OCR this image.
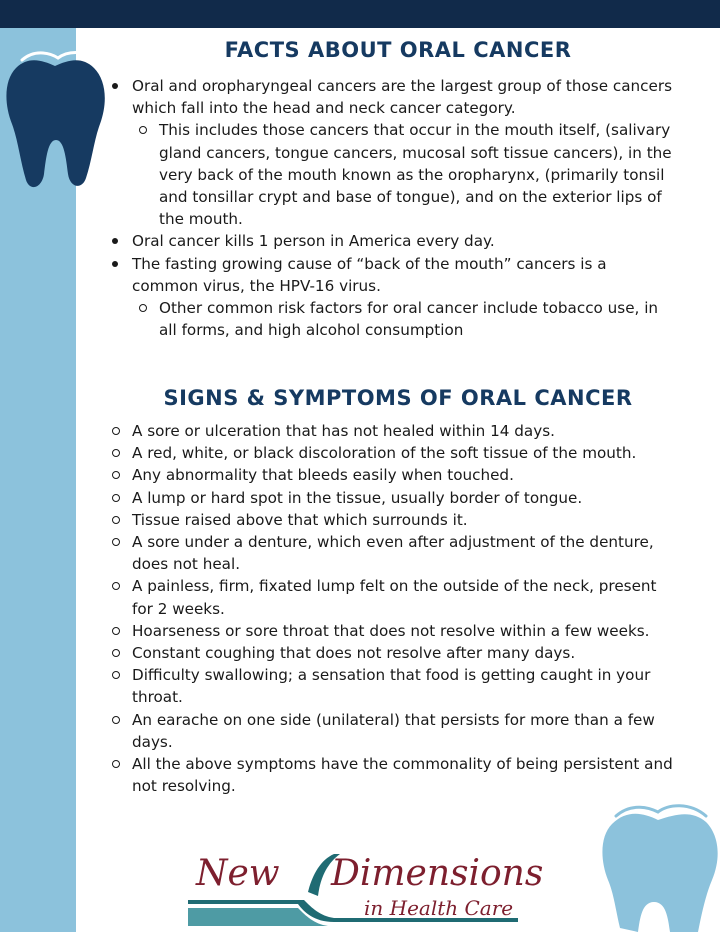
FACTS ABOUT ORAL CANCER
Oral and oropharyngeal cancers are the largest group of those cancers which fall into the head and neck cancer category.
This includes those cancers that occur in the mouth itself, (salivary gland cancers, tongue cancers, mucosal soft tissue cancers), in the very back of the mouth known as the oropharynx, (primarily tonsil and tonsillar crypt and base of tongue), and on the exterior lips of the mouth.
Oral cancer kills 1 person in America every day.
The fasting growing cause of “back of the mouth” cancers is a common virus, the HPV-16 virus.
Other common risk factors for oral cancer include tobacco use, in all forms, and high alcohol consumption
SIGNS & SYMPTOMS OF ORAL CANCER
A sore or ulceration that has not healed within 14 days.
A red, white, or black discoloration of the soft tissue of the mouth.
Any abnormality that bleeds easily when touched.
A lump or hard spot in the tissue, usually border of tongue.
Tissue raised above that which surrounds it.
A sore under a denture, which even after adjustment of the denture, does not heal.
A painless, firm, fixated lump felt on the outside of the neck, present for 2 weeks.
Hoarseness or sore throat that does not resolve within a few weeks.
Constant coughing that does not resolve after many days.
Difficulty swallowing; a sensation that food is getting caught in your throat.
An earache on one side (unilateral) that persists for more than a few days.
All the above symptoms have the commonality of being persistent and not resolving.
New Dimensions
in Health Care
